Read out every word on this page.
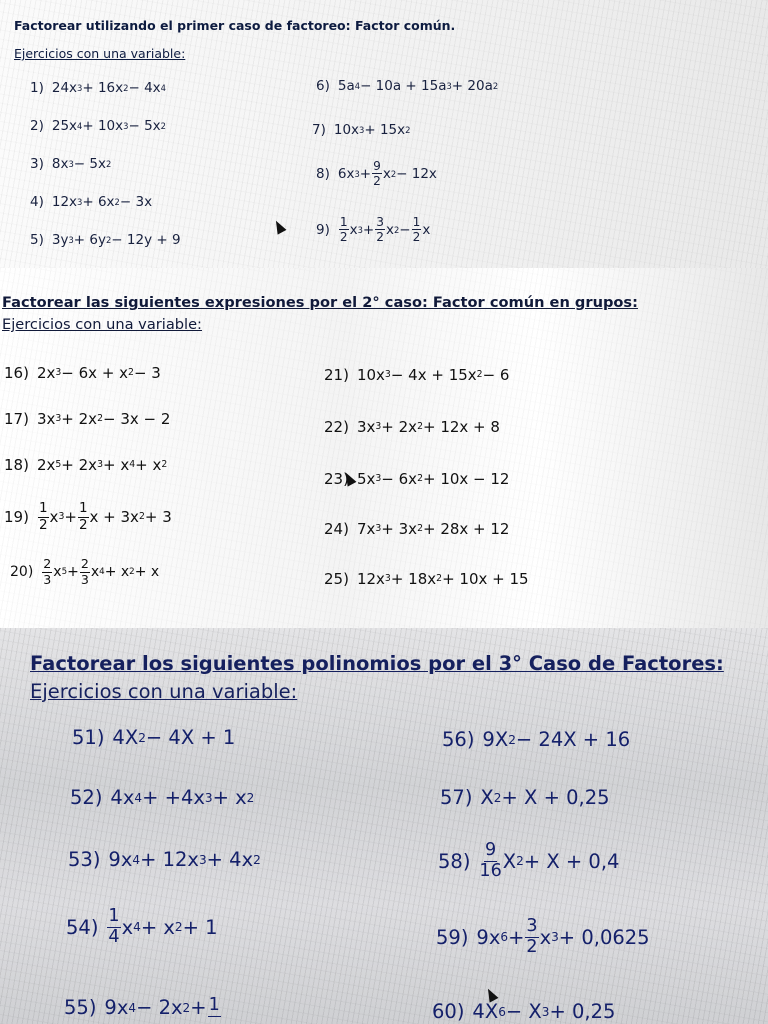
Factorear utilizando el primer caso de factoreo: Factor común.
Ejercicios con una variable:
1) 24x 3 + 16x 2 − 4x 4
2) 25x 4 + 10x 3 − 5x 2
3) 8x 3 − 5x 2
4) 12x 3 + 6x 2 − 3x
5) 3y 3 + 6y 2 − 12y + 9
6) 5a 4 − 10a + 15a 3 + 20a 2
7) 10x 3 + 15x 2
8) 6x $3 + \frac{9}{2}$ x 2 − 12x
9) 1
2 x $3 + \frac{3}{2}$ x $2 - \frac{1}{2}$ x
Factorear las siguientes expresiones por el 2° caso: Factor común en grupos:
Ejercicios con una variable:
16) 2x 3 − 6x + x 2 − 3
17) 3x 3 + 2x 2 − 3x − 2
18) 2x 5 + 2x 3 + x 4 + x 2
19) 1
2 x $3 + \frac{1}{2}$ x + 3x 2 + 3
20)
2
3 x $5 + \frac{2}{3}$ x 4 + x 2 + x
21) 10x 3 − 4x + 15x 2 − 6
22) 3x 3 + 2x 2 + 12x + 8
23) 5x 3 − 6x 2 + 10x − 12
24) 7x 3 + 3x 2 + 28x + 12
25) 12x 3 + 18x 2 + 10x + 15
Factorear los siguientes polinomios por el 3° Caso de Factores:
Ejercicios con una variable:
51) 4X 2 − 4X + 1
52) 4x 4 + +4x 3 + x 2
53) 9x 4 + 12x 3 + 4x 2
54) 1
4 x 4 + x 2 + 1
55) 9x 4 − 2x 2 + 1
56) 9X 2 − 24X + 16
57) X 2 + X + 0,25
58) 9
16 X 2 + X + 0,4
59) 9x $6 + \frac{3}{2}$ x 3 + 0,0625
60) 4X 6 − X 3 + 0,25
